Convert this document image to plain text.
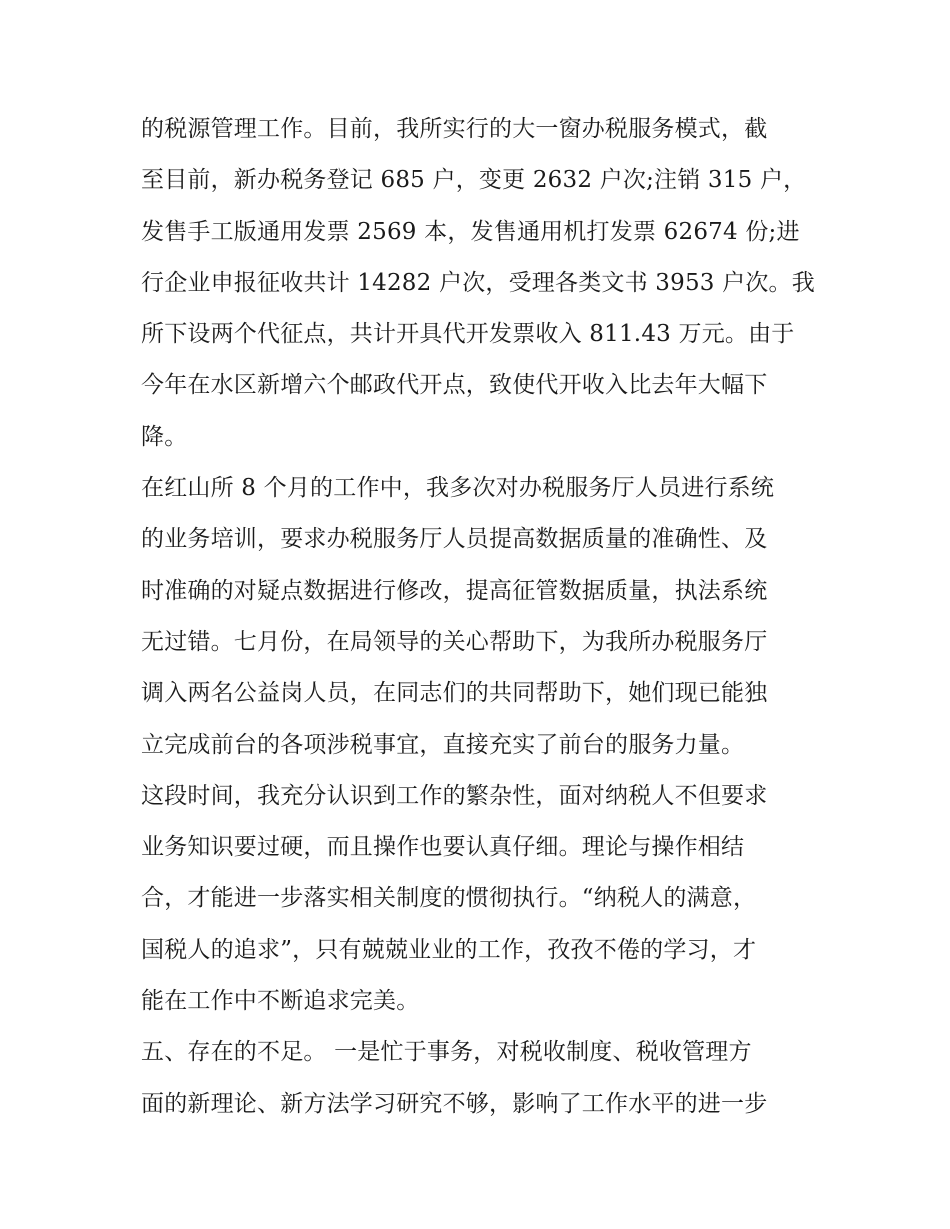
的税源管理工作。目前，我所实行的大一窗办税服务模式，截
至目前，新办税务登记 685 户，变更 2632 户次;注销 315 户，
发售手工版通用发票 2569 本，发售通用机打发票 62674 份;进
行企业申报征收共计 14282 户次，受理各类文书 3953 户次。我
所下设两个代征点，共计开具代开发票收入 811.43 万元。由于
今年在水区新增六个邮政代开点，致使代开收入比去年大幅下
降。
在红山所 8 个月的工作中，我多次对办税服务厅人员进行系统
的业务培训，要求办税服务厅人员提高数据质量的准确性、及
时准确的对疑点数据进行修改，提高征管数据质量，执法系统
无过错。七月份，在局领导的关心帮助下，为我所办税服务厅
调入两名公益岗人员，在同志们的共同帮助下，她们现已能独
立完成前台的各项涉税事宜，直接充实了前台的服务力量。
这段时间，我充分认识到工作的繁杂性，面对纳税人不但要求
业务知识要过硬，而且操作也要认真仔细。理论与操作相结
合，才能进一步落实相关制度的惯彻执行。“纳税人的满意，
国税人的追求”，只有兢兢业业的工作，孜孜不倦的学习，才
能在工作中不断追求完美。
五、存在的不足。 一是忙于事务，对税收制度、税收管理方
面的新理论、新方法学习研究不够，影响了工作水平的进一步
